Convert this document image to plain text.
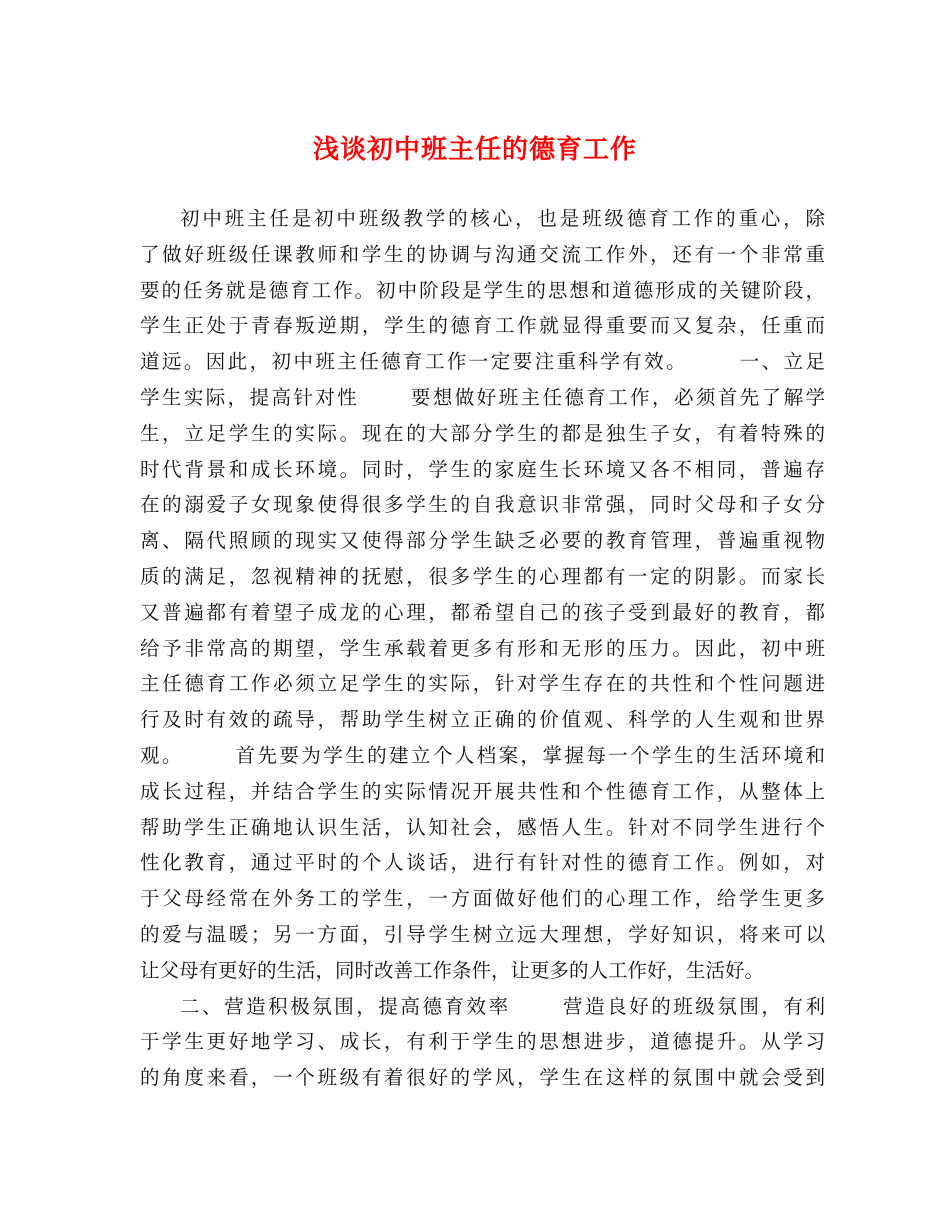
浅谈初中班主任的德育工作
初中班主任是初中班级教学的核心，也是班级德育工作的重心，除
了做好班级任课教师和学生的协调与沟通交流工作外，还有一个非常重
要的任务就是德育工作。初中阶段是学生的思想和道德形成的关键阶段，
学生正处于青春叛逆期，学生的德育工作就显得重要而又复杂，任重而
道远。因此，初中班主任德育工作一定要注重科学有效。      一、立足
学生实际，提高针对性      要想做好班主任德育工作，必须首先了解学
生，立足学生的实际。现在的大部分学生的都是独生子女，有着特殊的
时代背景和成长环境。同时，学生的家庭生长环境又各不相同，普遍存
在的溺爱子女现象使得很多学生的自我意识非常强，同时父母和子女分
离、隔代照顾的现实又使得部分学生缺乏必要的教育管理，普遍重视物
质的满足，忽视精神的抚慰，很多学生的心理都有一定的阴影。而家长
又普遍都有着望子成龙的心理，都希望自己的孩子受到最好的教育，都
给予非常高的期望，学生承载着更多有形和无形的压力。因此，初中班
主任德育工作必须立足学生的实际，针对学生存在的共性和个性问题进
行及时有效的疏导，帮助学生树立正确的价值观、科学的人生观和世界
观。      首先要为学生的建立个人档案，掌握每一个学生的生活环境和
成长过程，并结合学生的实际情况开展共性和个性德育工作，从整体上
帮助学生正确地认识生活，认知社会，感悟人生。针对不同学生进行个
性化教育，通过平时的个人谈话，进行有针对性的德育工作。例如，对
于父母经常在外务工的学生，一方面做好他们的心理工作，给学生更多
的爱与温暖；另一方面，引导学生树立远大理想，学好知识，将来可以
让父母有更好的生活，同时改善工作条件，让更多的人工作好，生活好。
二、营造积极氛围，提高德育效率      营造良好的班级氛围，有利
于学生更好地学习、成长，有利于学生的思想进步，道德提升。从学习
的角度来看，一个班级有着很好的学风，学生在这样的氛围中就会受到
